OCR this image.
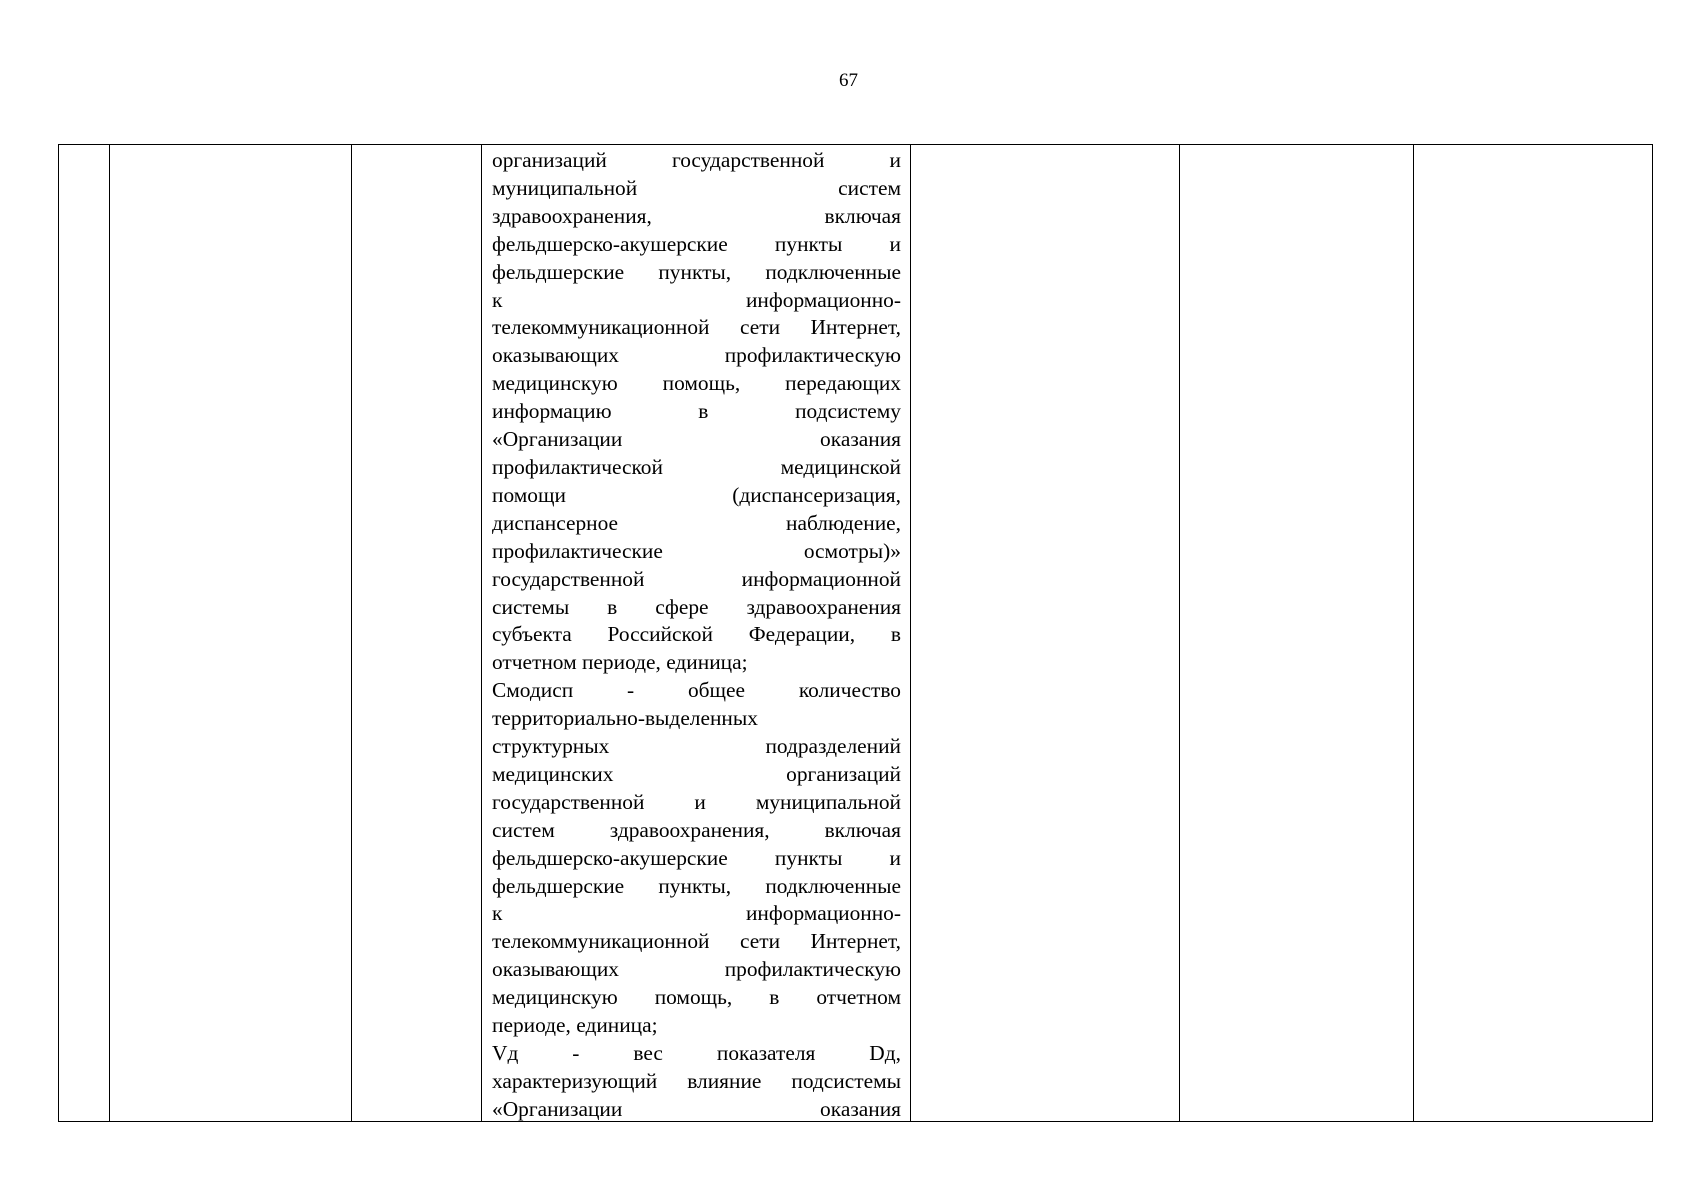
67

организаций государственной и
муниципальной систем
здравоохранения, включая
фельдшерско-акушерские пункты и
фельдшерские пункты, подключенные
к информационно-
телекоммуникационной сети Интернет,
оказывающих профилактическую
медицинскую помощь, передающих
информацию в подсистему
«Организации оказания
профилактической медицинской
помощи (диспансеризация,
диспансерное наблюдение,
профилактические осмотры)»
государственной информационной
системы в сфере здравоохранения
субъекта Российской Федерации, в
отчетном периоде, единица;
Смодисп - общее количество
территориально-выделенных
структурных подразделений
медицинских организаций
государственной и муниципальной
систем здравоохранения, включая
фельдшерско-акушерские пункты и
фельдшерские пункты, подключенные
к информационно-
телекоммуникационной сети Интернет,
оказывающих профилактическую
медицинскую помощь, в отчетном
периоде, единица;
Vд - вес показателя Dд,
характеризующий влияние подсистемы
«Организации оказания
